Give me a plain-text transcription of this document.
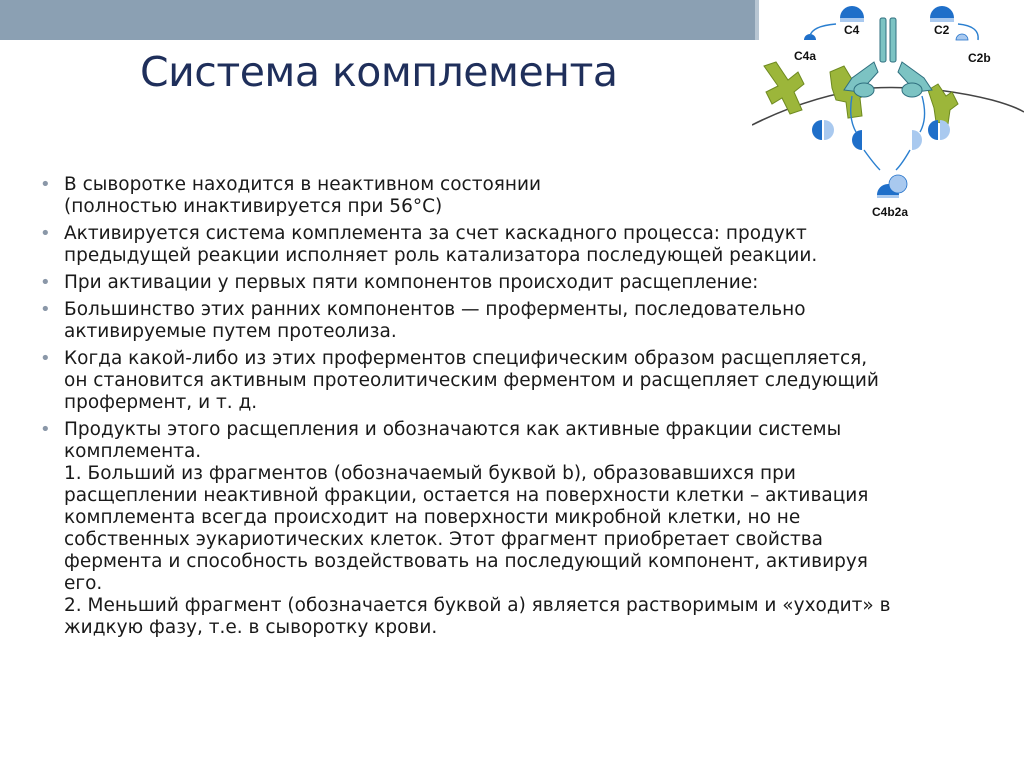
Система комплемента
C4	C2
C4a	C2b
C4b2a
• В сыворотке находится в неактивном состоянии
(полностью инактивируется при 56°C)
• Активируется система комплемента за счет каскадного процесса: продукт
предыдущей реакции исполняет роль катализатора последующей реакции.
• При активации у первых пяти компонентов происходит расщепление:
• Большинство этих ранних компонентов — проферменты, последовательно
активируемые путем протеолиза.
• Когда какой-либо из этих проферментов специфическим образом расщепляется,
он становится активным протеолитическим ферментом и расщепляет следующий
профермент, и т. д.
• Продукты этого расщепления и обозначаются как активные фракции системы
комплемента.
1. Больший из фрагментов (обозначаемый буквой b), образовавшихся при
расщеплении неактивной фракции, остается на поверхности клетки – активация
комплемента всегда происходит на поверхности микробной клетки, но не
собственных эукариотических клеток. Этот фрагмент приобретает свойства
фермента и способность воздействовать на последующий компонент, активируя
его.
2. Меньший фрагмент (обозначается буквой a) является растворимым и «уходит» в
жидкую фазу, т.е. в сыворотку крови.
